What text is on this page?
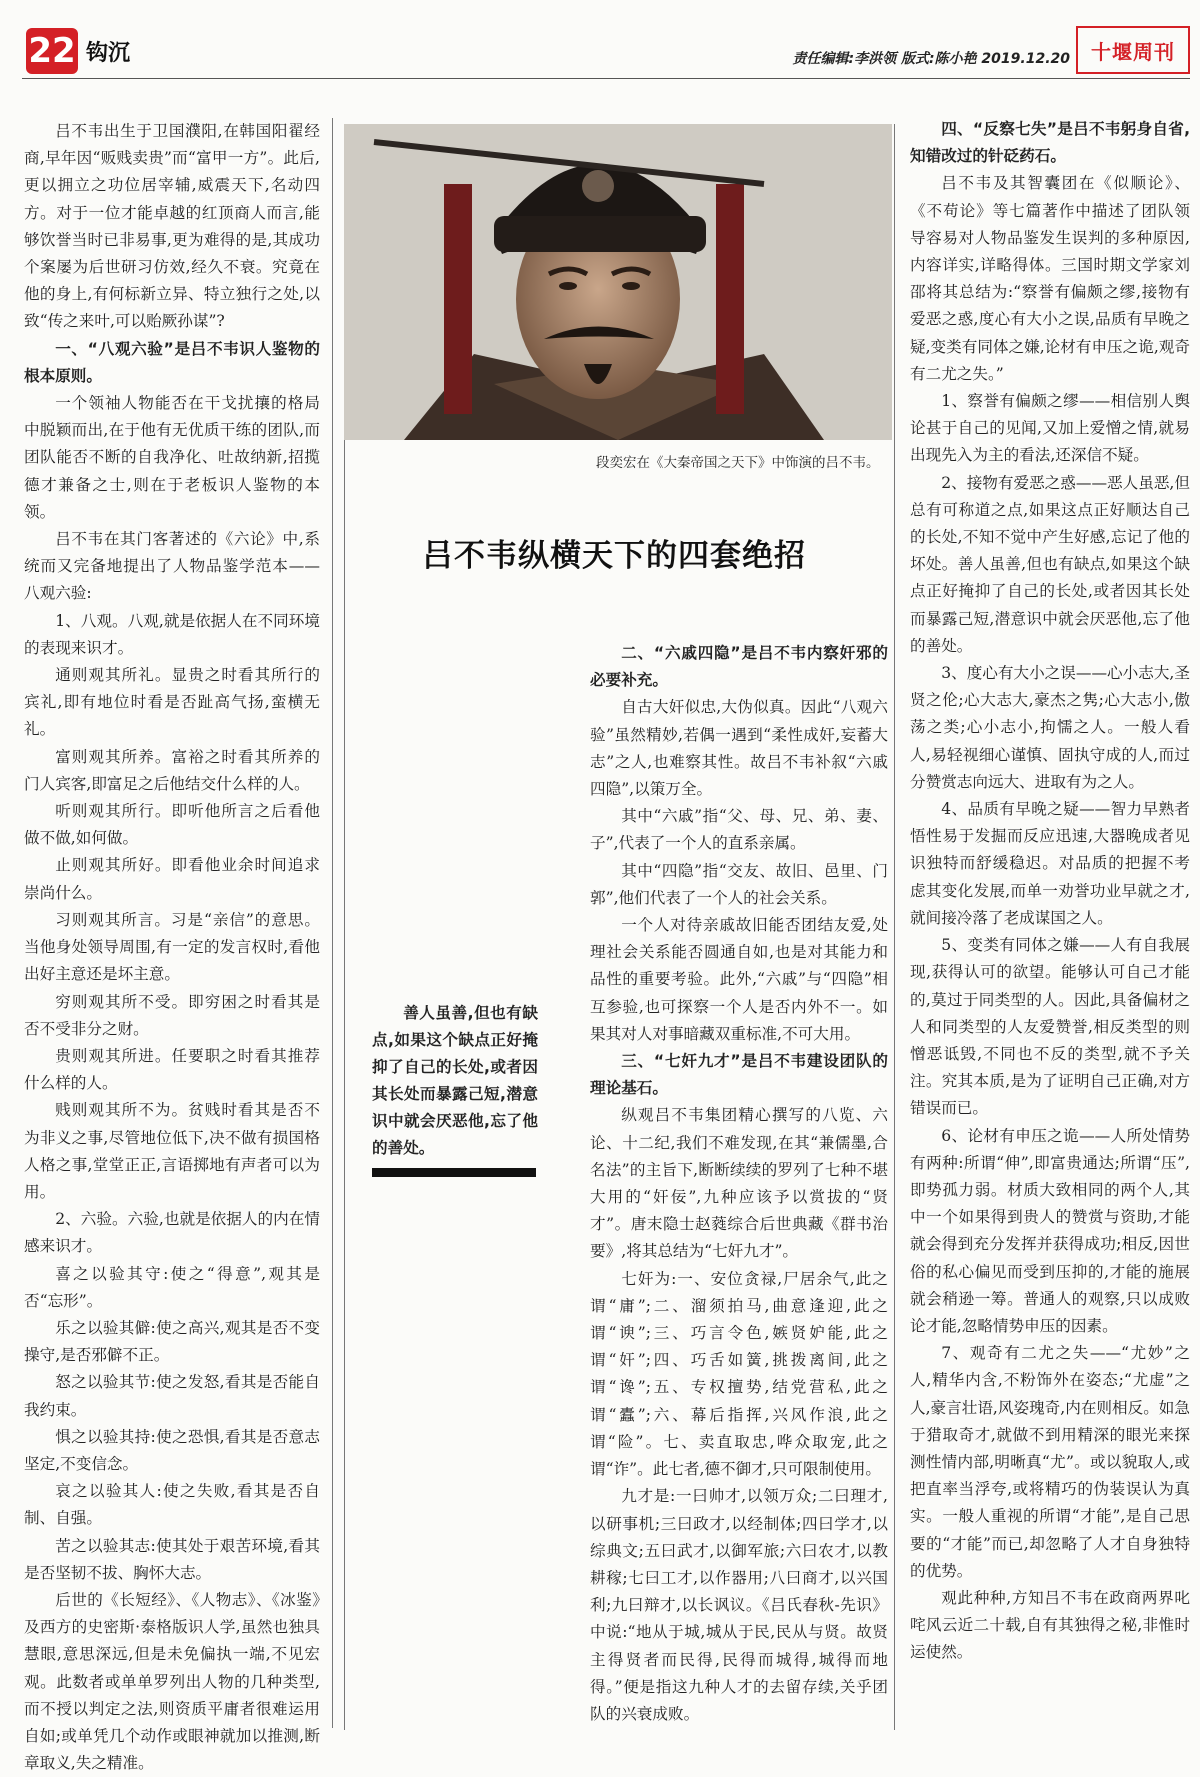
22 钩沉	责任编辑:李洪领 版式:陈小艳 2019.12.20	十堰周刊

吕不韦出生于卫国濮阳,在韩国阳翟经商,早年因“贩贱卖贵”而“富甲一方”。此后,更以拥立之功位居宰辅,威震天下,名动四方。对于一位才能卓越的红顶商人而言,能够饮誉当时已非易事,更为难得的是,其成功个案屡为后世研习仿效,经久不衰。究竟在他的身上,有何标新立异、特立独行之处,以致“传之来叶,可以贻厥孙谋”?

一、“八观六验”是吕不韦识人鉴物的根本原则。

一个领袖人物能否在干戈扰攘的格局中脱颖而出,在于他有无优质干练的团队,而团队能否不断的自我净化、吐故纳新,招揽德才兼备之士,则在于老板识人鉴物的本领。

吕不韦在其门客著述的《六论》中,系统而又完备地提出了人物品鉴学范本——八观六验:

1、八观。八观,就是依据人在不同环境的表现来识才。

通则观其所礼。显贵之时看其所行的宾礼,即有地位时看是否趾高气扬,蛮横无礼。

富则观其所养。富裕之时看其所养的门人宾客,即富足之后他结交什么样的人。

听则观其所行。即听他所言之后看他做不做,如何做。

止则观其所好。即看他业余时间追求崇尚什么。

习则观其所言。习是“亲信”的意思。当他身处领导周围,有一定的发言权时,看他出好主意还是坏主意。

穷则观其所不受。即穷困之时看其是否不受非分之财。

贵则观其所进。任要职之时看其推荐什么样的人。

贱则观其所不为。贫贱时看其是否不为非义之事,尽管地位低下,决不做有损国格人格之事,堂堂正正,言语掷地有声者可以为用。

2、六验。六验,也就是依据人的内在情感来识才。

喜之以验其守:使之“得意”,观其是否“忘形”。

乐之以验其僻:使之高兴,观其是否不变操守,是否邪僻不正。

怒之以验其节:使之发怒,看其是否能自我约束。

惧之以验其持:使之恐惧,看其是否意志坚定,不变信念。

哀之以验其人:使之失败,看其是否自制、自强。

苦之以验其志:使其处于艰苦环境,看其是否坚韧不拔、胸怀大志。

后世的《长短经》、《人物志》、《冰鉴》及西方的史密斯·泰格版识人学,虽然也独具慧眼,意思深远,但是未免偏执一端,不见宏观。此数者或单单罗列出人物的几种类型,而不授以判定之法,则资质平庸者很难运用自如;或单凭几个动作或眼神就加以推测,断章取义,失之精准。

段奕宏在《大秦帝国之天下》中饰演的吕不韦。
吕不韦纵横天下的四套绝招
善人虽善,但也有缺点,如果这个缺点正好掩抑了自己的长处,或者因其长处而暴露己短,潜意识中就会厌恶他,忘了他的善处。

二、“六戚四隐”是吕不韦内察奸邪的必要补充。

自古大奸似忠,大伪似真。因此“八观六验”虽然精妙,若偶一遇到“柔性成奸,妄蓄大志”之人,也难察其性。故吕不韦补叙“六戚四隐”,以策万全。

其中“六戚”指“父、母、兄、弟、妻、子”,代表了一个人的直系亲属。

其中“四隐”指“交友、故旧、邑里、门郭”,他们代表了一个人的社会关系。

一个人对待亲戚故旧能否团结友爱,处理社会关系能否圆通自如,也是对其能力和品性的重要考验。此外,“六戚”与“四隐”相互参验,也可探察一个人是否内外不一。如果其对人对事暗藏双重标准,不可大用。

三、“七奸九才”是吕不韦建设团队的理论基石。

纵观吕不韦集团精心撰写的八览、六论、十二纪,我们不难发现,在其“兼儒墨,合名法”的主旨下,断断续续的罗列了七种不堪大用的“奸佞”,九种应该予以赏拔的“贤才”。唐末隐士赵蕤综合后世典藏《群书治要》,将其总结为“七奸九才”。

七奸为:一、安位贪禄,尸居余气,此之谓“庸”;二、溜须拍马,曲意逢迎,此之谓“谀”;三、巧言令色,嫉贤妒能,此之谓“奸”;四、巧舌如簧,挑拨离间,此之谓“谗”;五、专权擅势,结党营私,此之谓“蠹”;六、幕后指挥,兴风作浪,此之谓“险”。七、卖直取忠,哗众取宠,此之谓“诈”。此七者,德不御才,只可限制使用。

九才是:一曰帅才,以领万众;二曰理才,以研事机;三曰政才,以经制体;四曰学才,以综典文;五曰武才,以御军旅;六曰农才,以教耕稼;七曰工才,以作器用;八曰商才,以兴国利;九曰辩才,以长讽议。《吕氏春秋-先识》中说:“地从于城,城从于民,民从与贤。故贤主得贤者而民得,民得而城得,城得而地得。”便是指这九种人才的去留存续,关乎团队的兴衰成败。

四、“反察七失”是吕不韦躬身自省,知错改过的针砭药石。

吕不韦及其智囊团在《似顺论》、《不苟论》等七篇著作中描述了团队领导容易对人物品鉴发生误判的多种原因,内容详实,详略得体。三国时期文学家刘邵将其总结为:“察誉有偏颇之缪,接物有爱恶之惑,度心有大小之误,品质有早晚之疑,变类有同体之嫌,论材有申压之诡,观奇有二尤之失。”

1、察誉有偏颇之缪——相信别人舆论甚于自己的见闻,又加上爱憎之情,就易出现先入为主的看法,还深信不疑。

2、接物有爱恶之惑——恶人虽恶,但总有可称道之点,如果这点正好顺达自己的长处,不知不觉中产生好感,忘记了他的坏处。善人虽善,但也有缺点,如果这个缺点正好掩抑了自己的长处,或者因其长处而暴露己短,潜意识中就会厌恶他,忘了他的善处。

3、度心有大小之误——心小志大,圣贤之伦;心大志大,豪杰之隽;心大志小,傲荡之类;心小志小,拘懦之人。一般人看人,易轻视细心谨慎、固执守成的人,而过分赞赏志向远大、进取有为之人。

4、品质有早晚之疑——智力早熟者悟性易于发掘而反应迅速,大器晚成者见识独特而舒缓稳迟。对品质的把握不考虑其变化发展,而单一劝誉功业早就之才,就间接冷落了老成谋国之人。

5、变类有同体之嫌——人有自我展现,获得认可的欲望。能够认可自己才能的,莫过于同类型的人。因此,具备偏材之人和同类型的人友爱赞誉,相反类型的则憎恶诋毁,不同也不反的类型,就不予关注。究其本质,是为了证明自己正确,对方错误而已。

6、论材有申压之诡——人所处情势有两种:所谓“伸”,即富贵通达;所谓“压”,即势孤力弱。材质大致相同的两个人,其中一个如果得到贵人的赞赏与资助,才能就会得到充分发挥并获得成功;相反,因世俗的私心偏见而受到压抑的,才能的施展就会稍逊一筹。普通人的观察,只以成败论才能,忽略情势申压的因素。

7、观奇有二尤之失——“尤妙”之人,精华内含,不粉饰外在姿态;“尤虚”之人,豪言壮语,风姿瑰奇,内在则相反。如急于猎取奇才,就做不到用精深的眼光来探测性情内部,明晰真“尤”。或以貌取人,或把直率当浮夸,或将精巧的伪装误认为真实。一般人重视的所谓“才能”,是自己思要的“才能”而已,却忽略了人才自身独特的优势。

观此种种,方知吕不韦在政商两界叱咤风云近二十载,自有其独得之秘,非惟时运使然。
